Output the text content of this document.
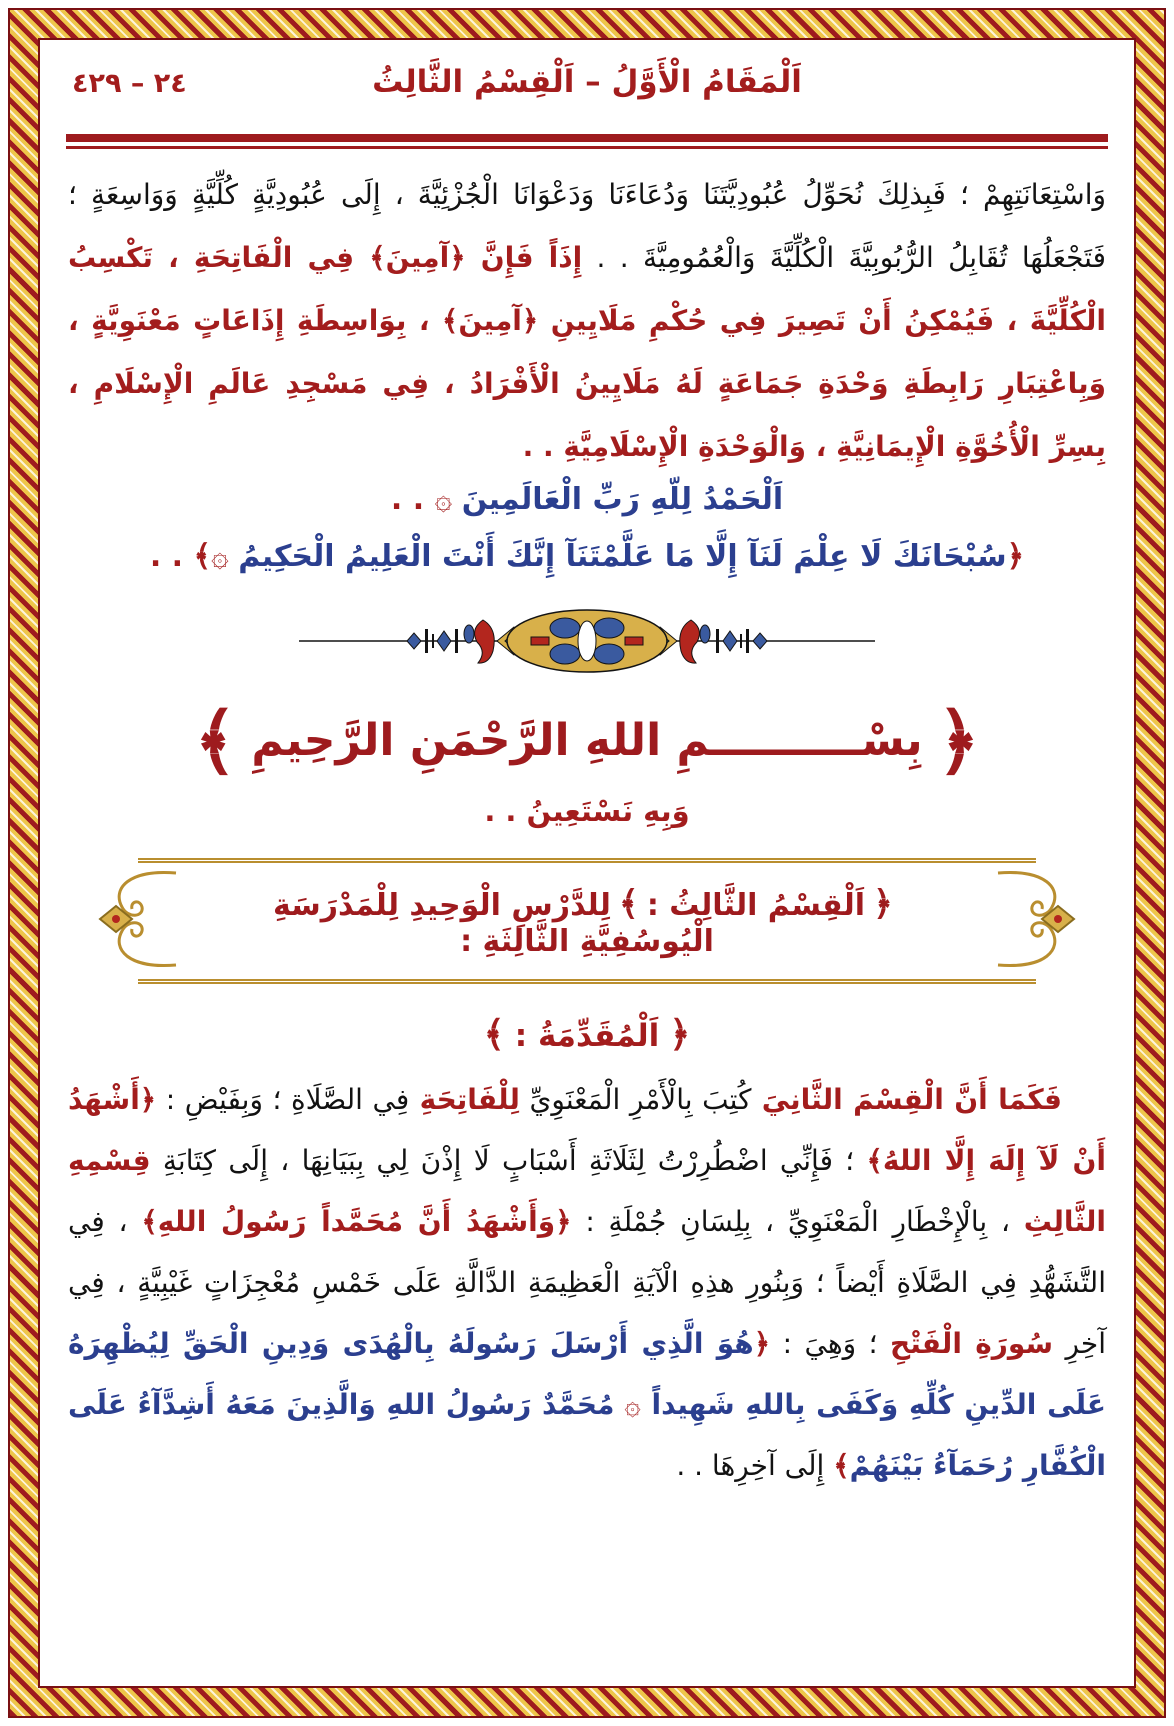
اَلْمَقَامُ الْأَوَّلُ – اَلْقِسْمُ الثَّالِثُ
٢٤ – ٤٢٩

وَاسْتِعَانَتِهِمْ ؛ فَبِذلِكَ نُحَوِّلُ عُبُودِيَّتَنَا وَدُعَاءَنَا وَدَعْوَانَا الْجُزْئِيَّةَ ، إِلَى عُبُودِيَّةٍ كُلِّيَّةٍ وَوَاسِعَةٍ ؛ فَتَجْعَلُهَا تُقَابِلُ الرُّبُوبِيَّةَ الْكُلِّيَّةَ وَالْعُمُومِيَّةَ . . إِذَاً فَإِنَّ ﴿آمِينَ﴾ فِي الْفَاتِحَةِ ، تَكْسِبُ الْكُلِّيَّةَ ، فَيُمْكِنُ أَنْ تَصِيرَ فِي حُكْمِ مَلَايِينِ ﴿آمِينَ﴾ ، بِوَاسِطَةِ إِذَاعَاتٍ مَعْنَوِيَّةٍ ، وَبِاعْتِبَارِ رَابِطَةِ وَحْدَةِ جَمَاعَةٍ لَهُ مَلَايِينُ الْأَفْرَادُ ، فِي مَسْجِدِ عَالَمِ الْإِسْلَامِ ، بِسِرِّ الْأُخُوَّةِ الْإِيمَانِيَّةِ ، وَالْوَحْدَةِ الْإِسْلَامِيَّةِ . .

اَلْحَمْدُ لِلّهِ رَبِّ الْعَالَمِينَ ۞ . .
﴿سُبْحَانَكَ لَا عِلْمَ لَنَآ إِلَّا مَا عَلَّمْتَنَآ إِنَّكَ أَنْتَ الْعَلِيمُ الْحَكِيمُ ۞﴾ . .
﴿
بِسْــــــــــمِ اللهِ الرَّحْمَنِ الرَّحِيمِ
﴾
وَبِهِ نَسْتَعِينُ . .
﴿اَلْقِسْمُ الثَّالِثُ :﴾لِلدَّرْسِ الْوَحِيدِ لِلْمَدْرَسَةِ الْيُوسُفِيَّةِ الثَّالِثَةِ :
﴿اَلْمُقَدِّمَةُ :﴾

فَكَمَا أَنَّ الْقِسْمَ الثَّانِيَ كُتِبَ بِالْأَمْرِ الْمَعْنَوِيِّ لِلْفَاتِحَةِ فِي الصَّلَاةِ ؛ وَبِفَيْضِ : ﴿أَشْهَدُ أَنْ لَآ إِلَهَ إِلَّا اللهُ﴾ ؛ فَإِنِّي اضْطُرِرْتُ لِثَلَاثَةِ أَسْبَابٍ لَا إِذْنَ لِي بِبَيَانِهَا ، إِلَى كِتَابَةِ قِسْمِهِ الثَّالِثِ ، بِالْإِخْطَارِ الْمَعْنَوِيِّ ، بِلِسَانِ جُمْلَةِ : ﴿وَأَشْهَدُ أَنَّ مُحَمَّداً رَسُولُ اللهِ﴾ ، فِي التَّشَهُّدِ فِي الصَّلَاةِ أَيْضاً ؛ وَبِنُورِ هذِهِ الْآيَةِ الْعَظِيمَةِ الدَّالَّةِ عَلَى خَمْسِ مُعْجِزَاتٍ غَيْبِيَّةٍ ، فِي آخِرِ سُورَةِ الْفَتْحِ ؛ وَهِيَ : ﴿هُوَ الَّذِي أَرْسَلَ رَسُولَهُ بِالْهُدَى وَدِينِ الْحَقِّ لِيُظْهِرَهُ عَلَى الدِّينِ كُلِّهِ وَكَفَى بِاللهِ شَهِيداً ۞ مُحَمَّدٌ رَسُولُ اللهِ وَالَّذِينَ مَعَهُ أَشِدَّآءُ عَلَى الْكُفَّارِ رُحَمَآءُ بَيْنَهُمْ﴾ إِلَى آخِرِهَا . .
